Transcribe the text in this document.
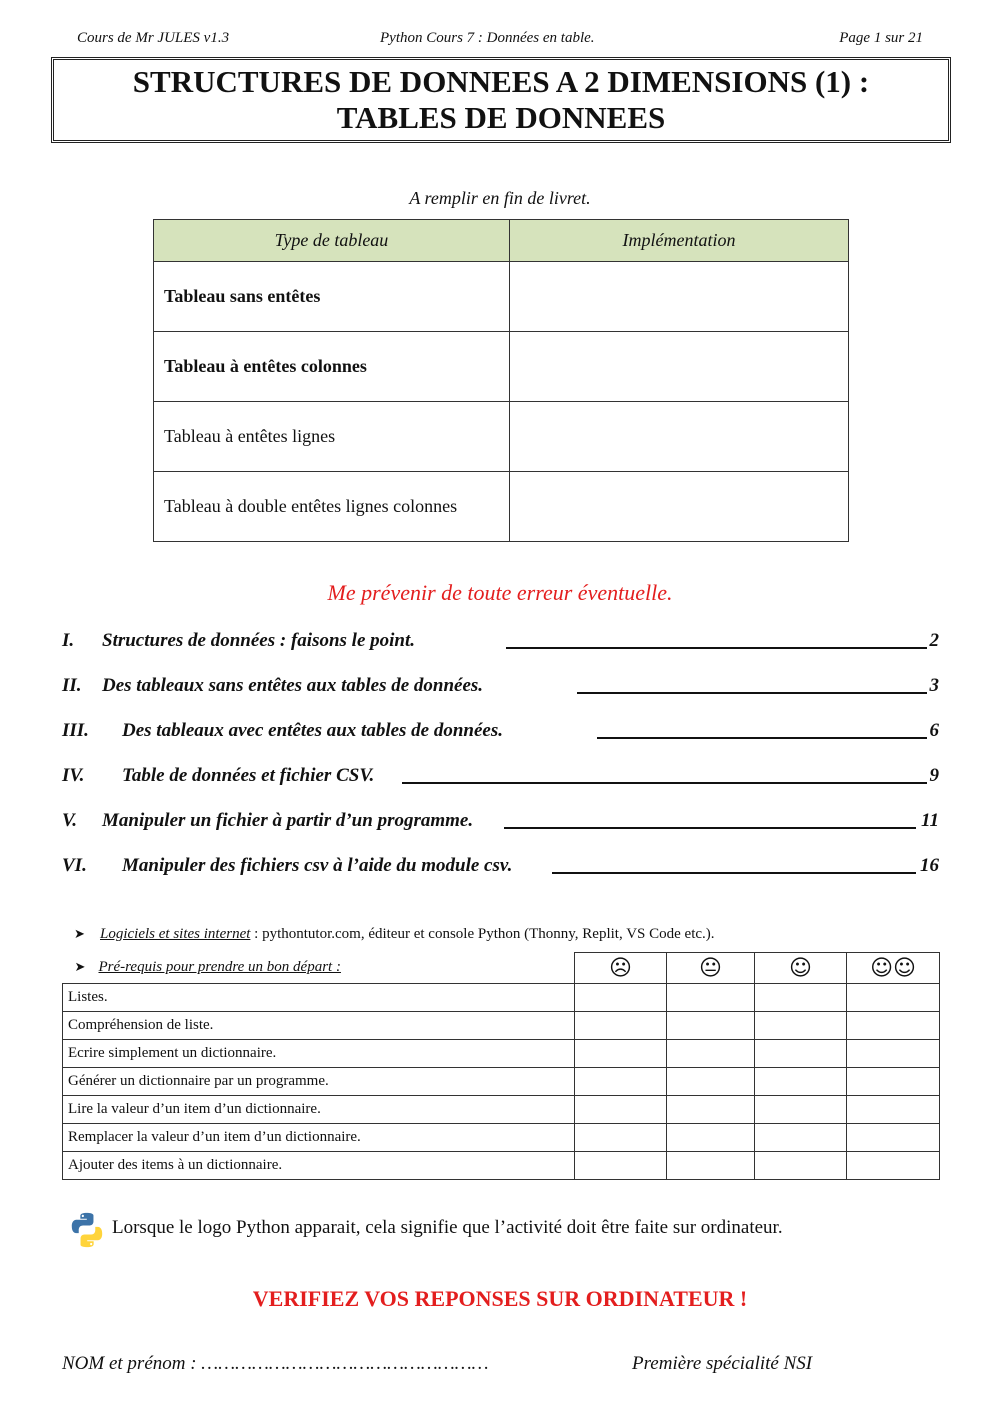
Cours de Mr JULES v1.3	Python Cours 7 : Données en table.	Page 1 sur 21
STRUCTURES DE DONNEES A 2 DIMENSIONS (1) :
TABLES DE DONNEES
A remplir en fin de livret.
Type de tableau	Implémentation
Tableau sans entêtes	
Tableau à entêtes colonnes	
Tableau à entêtes lignes	
Tableau à double entêtes lignes colonnes	
Me prévenir de toute erreur éventuelle.
I. Structures de données : faisons le point.	2
II. Des tableaux sans entêtes aux tables de données.	3
III. Des tableaux avec entêtes aux tables de données.	6
IV. Table de données et fichier CSV.	9
V. Manipuler un fichier à partir d’un programme.	11
VI. Manipuler des fichiers csv à l’aide du module csv.	16
➤ Logiciels et sites internet : pythontutor.com, éditeur et console Python (Thonny, Replit, VS Code etc.).
➤ Pré-requis pour prendre un bon départ :	☹	😐	☺	☺☺
Listes.				
Compréhension de liste.				
Ecrire simplement un dictionnaire.				
Générer un dictionnaire par un programme.				
Lire la valeur d’un item d’un dictionnaire.				
Remplacer la valeur d’un item d’un dictionnaire.				
Ajouter des items à un dictionnaire.				
Lorsque le logo Python apparait, cela signifie que l’activité doit être faite sur ordinateur.
VERIFIEZ VOS REPONSES SUR ORDINATEUR !
NOM et prénom : ……………………………………………	Première spécialité NSI
